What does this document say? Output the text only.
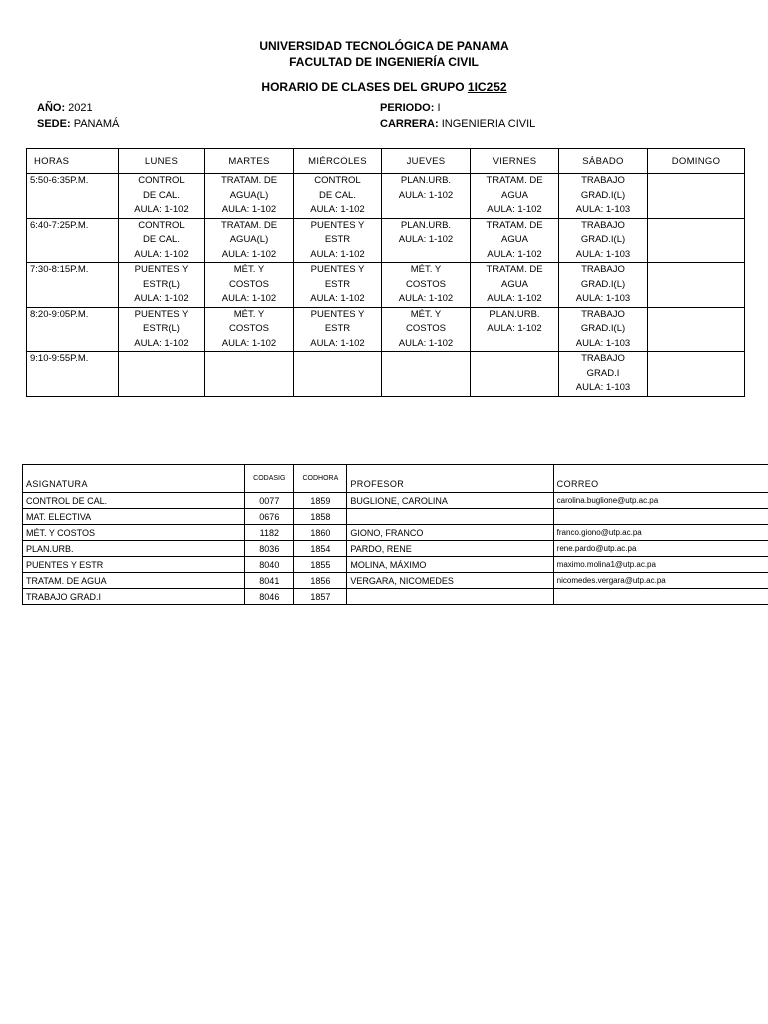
UNIVERSIDAD TECNOLÓGICA DE PANAMA
FACULTAD DE INGENIERÍA CIVIL
HORARIO DE CLASES DEL GRUPO 1IC252
AÑO: 2021
SEDE: PANAMÁ
PERIODO: I
CARRERA: INGENIERIA CIVIL
HORAS	LUNES	MARTES	MIÉRCOLES	JUEVES	VIERNES	SÁBADO	DOMINGO
5:50-6:35P.M.	CONTROL
DE CAL.
AULA: 1-102	TRATAM. DE
AGUA(L)
AULA: 1-102	CONTROL
DE CAL.
AULA: 1-102	PLAN.URB.
AULA: 1-102	TRATAM. DE
AGUA
AULA: 1-102	TRABAJO
GRAD.I(L)
AULA: 1-103	

6:40-7:25P.M.	CONTROL
DE CAL.
AULA: 1-102	TRATAM. DE
AGUA(L)
AULA: 1-102	PUENTES Y
ESTR
AULA: 1-102	PLAN.URB.
AULA: 1-102	TRATAM. DE
AGUA
AULA: 1-102	TRABAJO
GRAD.I(L)
AULA: 1-103	

7:30-8:15P.M.	PUENTES Y
ESTR(L)
AULA: 1-102	MÉT. Y
COSTOS
AULA: 1-102	PUENTES Y
ESTR
AULA: 1-102	MÉT. Y
COSTOS
AULA: 1-102	TRATAM. DE
AGUA
AULA: 1-102	TRABAJO
GRAD.I(L)
AULA: 1-103	

8:20-9:05P.M.	PUENTES Y
ESTR(L)
AULA: 1-102	MÉT. Y
COSTOS
AULA: 1-102	PUENTES Y
ESTR
AULA: 1-102	MÉT. Y
COSTOS
AULA: 1-102	PLAN.URB.
AULA: 1-102	TRABAJO
GRAD.I(L)
AULA: 1-103	

9:10-9:55P.M.						TRABAJO
GRAD.I
AULA: 1-103	

ASIGNATURA	CODASIG	CODHORA	PROFESOR	CORREO
CONTROL DE CAL.	0077	1859	BUGLIONE, CAROLINA	carolina.buglione@utp.ac.pa
MAT. ELECTIVA	0676	1858		
MÉT. Y COSTOS	1182	1860	GIONO, FRANCO	franco.giono@utp.ac.pa
PLAN.URB.	8036	1854	PARDO, RENE	rene.pardo@utp.ac.pa
PUENTES Y ESTR	8040	1855	MOLINA, MÁXIMO	maximo.molina1@utp.ac.pa
TRATAM. DE AGUA	8041	1856	VERGARA, NICOMEDES	nicomedes.vergara@utp.ac.pa
TRABAJO GRAD.I	8046	1857		
